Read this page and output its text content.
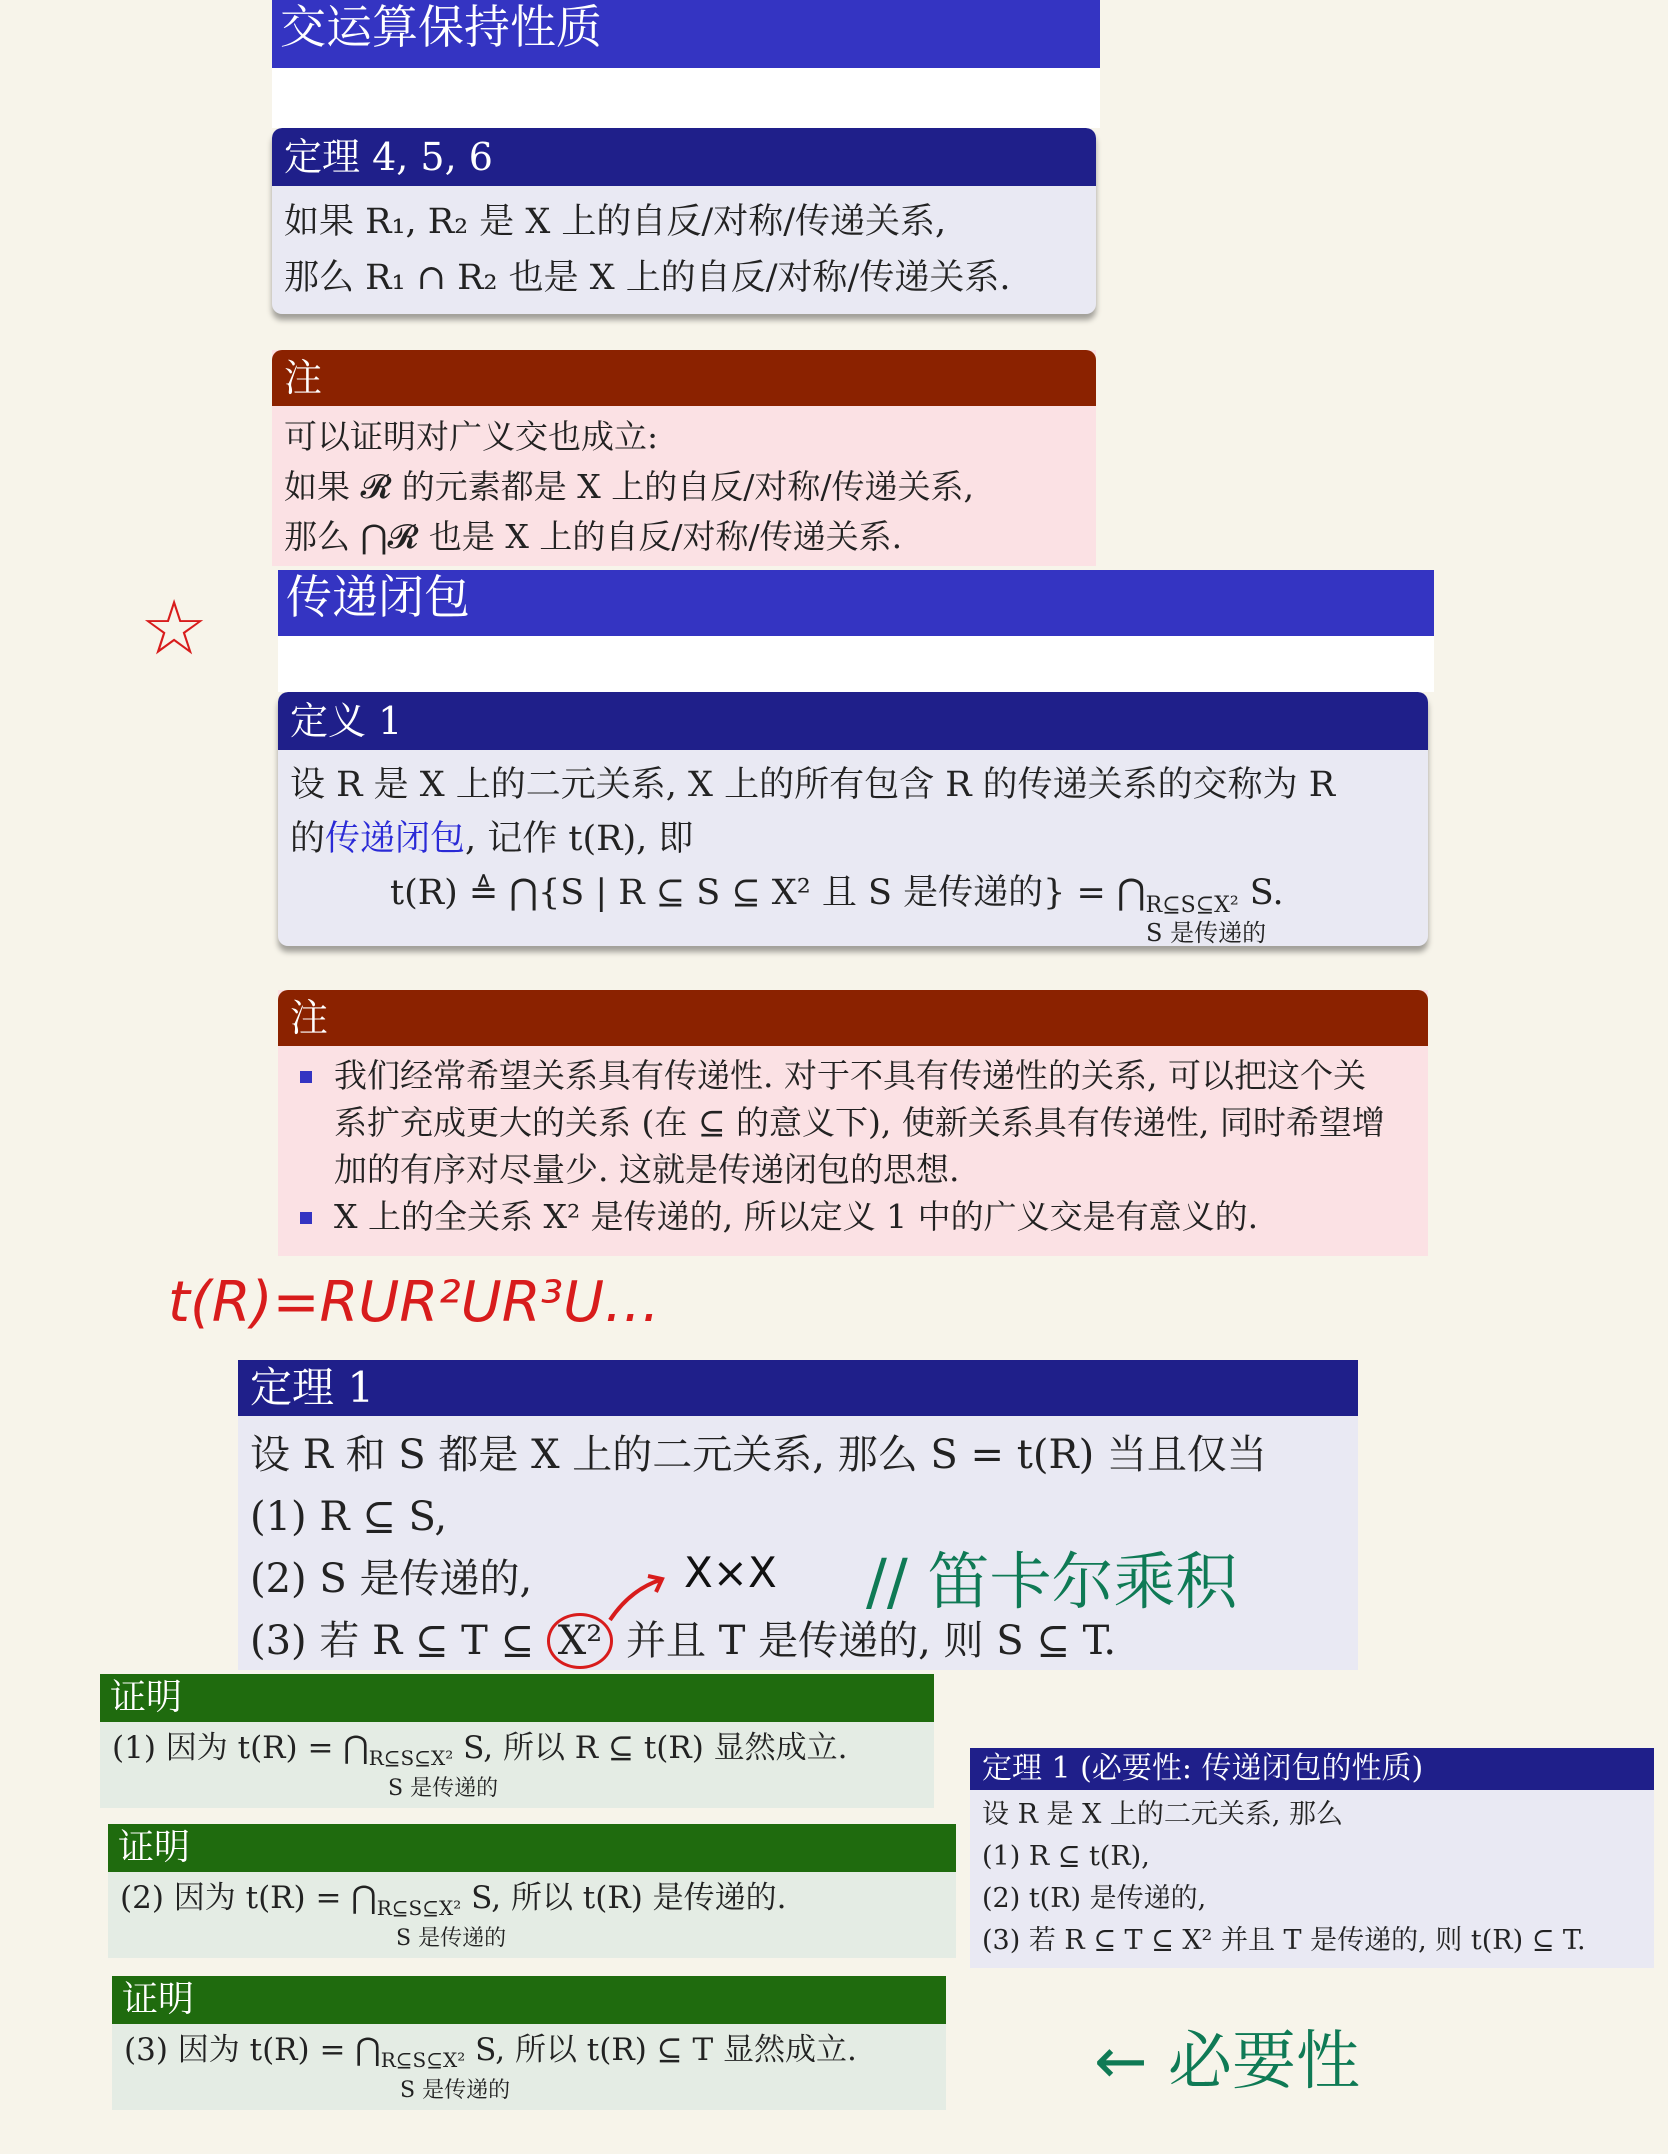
交运算保持性质
定理 4, 5, 6
如果 R₁, R₂ 是 X 上的自反/对称/传递关系,
那么 R₁ ∩ R₂ 也是 X 上的自反/对称/传递关系.
注
可以证明对广义交也成立:
如果 𝓡 的元素都是 X 上的自反/对称/传递关系,
那么 ⋂𝓡 也是 X 上的自反/对称/传递关系.
传递闭包
☆
定义 1
设 R 是 X 上的二元关系, X 上的所有包含 R 的传递关系的交称为 R
的传递闭包, 记作 t(R), 即
t(R) ≜ ⋂{S | R ⊆ S ⊆ X² 且 S 是传递的} = $⋂_{R⊆S⊆X^2}$ S.
S 是传递的
注
我们经常希望关系具有传递性. 对于不具有传递性的关系, 可以把这个关
系扩充成更大的关系 (在 ⊆ 的意义下), 使新关系具有传递性, 同时希望增
加的有序对尽量少. 这就是传递闭包的思想.
X 上的全关系 X² 是传递的, 所以定义 1 中的广义交是有意义的.
t(R)=RUR²UR³U…
定理 1
设 R 和 S 都是 X 上的二元关系, 那么 S = t(R) 当且仅当
(1) R ⊆ S,
(2) S 是传递的,
(3) 若 R ⊆ T ⊆ X² 并且 T 是传递的, 则 S ⊆ T.
X×X // 笛卡尔乘积
证明
(1) 因为 $t(R) = ⋂_{R⊆S⊆X^2}$ S, 所以 R ⊆ t(R) 显然成立.
S 是传递的
证明
(2) 因为 $t(R) = ⋂_{R⊆S⊆X^2}$ S, 所以 t(R) 是传递的.
S 是传递的
证明
(3) 因为 $t(R) = ⋂_{R⊆S⊆X^2}$ S, 所以 t(R) ⊆ T 显然成立.
S 是传递的
定理 1 (必要性: 传递闭包的性质)
设 R 是 X 上的二元关系, 那么
(1) R ⊆ t(R),
(2) t(R) 是传递的,
(3) 若 R ⊆ T ⊆ X² 并且 T 是传递的, 则 t(R) ⊆ T.
← 必要性
